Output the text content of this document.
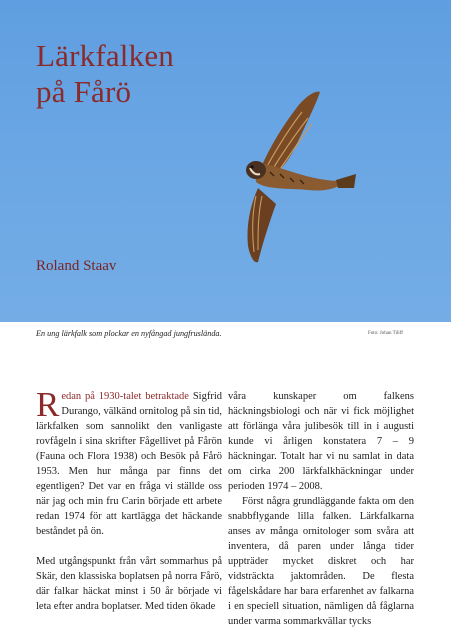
Lärkfalken
på Fårö

Roland Staav

En ung lärkfalk som plockar en nyfångad jungfrusländа.	Foto: Johan Tiliff

Redan på 1930-talet betraktade Sigfrid Durango, välkänd ornitolog på sin tid, lärkfalken som sannolikt den vanligaste rovfågeln i sina skrifter Fågellivet på Fårön (Fauna och Flora 1938) och Besök på Fårö 1953. Men hur många par finns det egentligen? Det var en fråga vi ställde oss när jag och min fru Carin började ett arbete redan 1974 för att kartlägga det häckande beståndet på ön.

Med utgångspunkt från vårt sommarhus på Skär, den klassiska boplatsen på norra Fårö, där falkar häckat minst i 50 år började vi leta efter andra boplatser. Med tiden ökade

våra kunskaper om falkens häckningsbiologi och när vi fick möjlighet att förlänga våra julibesök till in i augusti kunde vi årligen konstatera 7 – 9 häckningar. Totalt har vi nu samlat in data om cirka 200 lärkfalkhäckningar under perioden 1974 – 2008.

Först några grundläggande fakta om den snabbflygande lilla falken. Lärkfalkarna anses av många ornitologer som svåra att inventera, då paren under långa tider uppträder mycket diskret och har vidsträckta jaktområden. De flesta fågelskådare har bara erfarenhet av falkarna i en speciell situation, nämligen då fåglarna under varma sommarkvällar tycks
